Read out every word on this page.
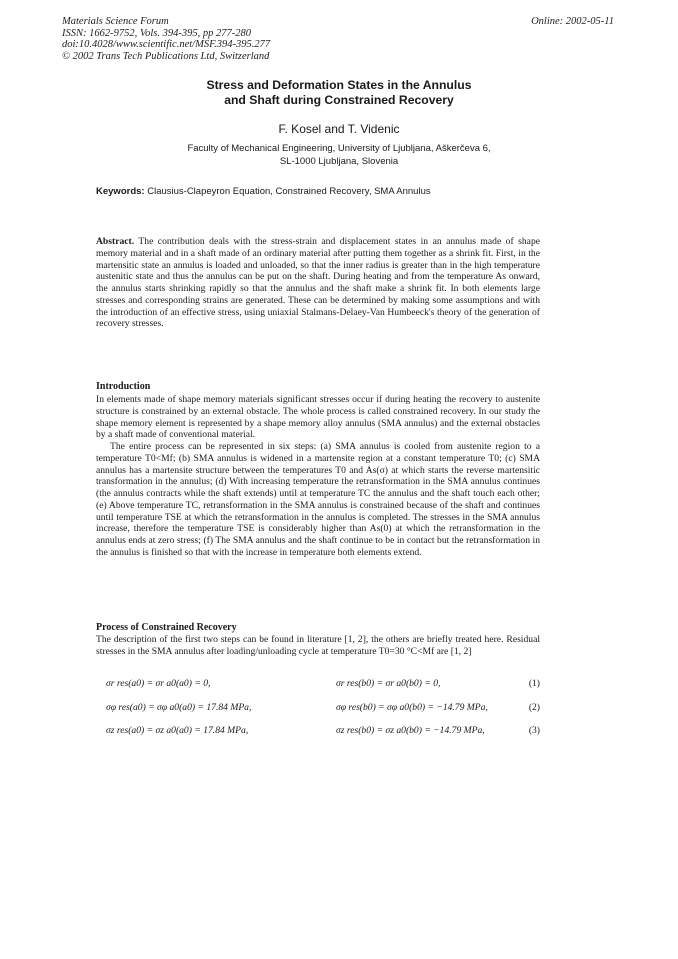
Materials Science Forum
ISSN: 1662-9752, Vols. 394-395, pp 277-280
doi:10.4028/www.scientific.net/MSF.394-395.277
© 2002 Trans Tech Publications Ltd, Switzerland
Online: 2002-05-11
Stress and Deformation States in the Annulus
and Shaft during Constrained Recovery
F. Kosel and T. Videnic
Faculty of Mechanical Engineering, University of Ljubljana, Aškerčeva 6,
SL-1000 Ljubljana, Slovenia
Keywords: Clausius-Clapeyron Equation, Constrained Recovery, SMA Annulus
Abstract. The contribution deals with the stress-strain and displacement states in an annulus made of shape memory material and in a shaft made of an ordinary material after putting them together as a shrink fit. First, in the martensitic state an annulus is loaded and unloaded, so that the inner radius is greater than in the high temperature austenitic state and thus the annulus can be put on the shaft. During heating and from the temperature As onward, the annulus starts shrinking rapidly so that the annulus and the shaft make a shrink fit. In both elements large stresses and corresponding strains are generated. These can be determined by making some assumptions and with the introduction of an effective stress, using uniaxial Stalmans-Delaey-Van Humbeeck's theory of the generation of recovery stresses.
Introduction
In elements made of shape memory materials significant stresses occur if during heating the recovery to austenite structure is constrained by an external obstacle. The whole process is called constrained recovery. In our study the shape memory element is represented by a shape memory alloy annulus (SMA annulus) and the external obstacles by a shaft made of conventional material.
The entire process can be represented in six steps: (a) SMA annulus is cooled from austenite region to a temperature T0<Mf; (b) SMA annulus is widened in a martensite region at a constant temperature T0; (c) SMA annulus has a martensite structure between the temperatures T0 and As(σ) at which starts the reverse martensitic transformation in the annulus; (d) With increasing temperature the retransformation in the SMA annulus continues (the annulus contracts while the shaft extends) until at temperature TC the annulus and the shaft touch each other; (e) Above temperature TC, retransformation in the SMA annulus is constrained because of the shaft and continues until temperature TSE at which the retransformation in the annulus is completed. The stresses in the SMA annulus increase, therefore the temperature TSE is considerably higher than As(0) at which the retransformation in the annulus ends at zero stress; (f) The SMA annulus and the shaft continue to be in contact but the retransformation in the annulus is finished so that with the increase in temperature both elements extend.
Process of Constrained Recovery
The description of the first two steps can be found in literature [1, 2], the others are briefly treated here. Residual stresses in the SMA annulus after loading/unloading cycle at temperature T0=30 °C<Mf are [1, 2]
σr res(a0) = σr a0(a0) = 0,	σr res(b0) = σr a0(b0) = 0,	(1)
σφ res(a0) = σφ a0(a0) = 17.84 MPa,	σφ res(b0) = σφ a0(b0) = −14.79 MPa,	(2)
σz res(a0) = σz a0(a0) = 17.84 MPa,	σz res(b0) = σz a0(b0) = −14.79 MPa,	(3)
